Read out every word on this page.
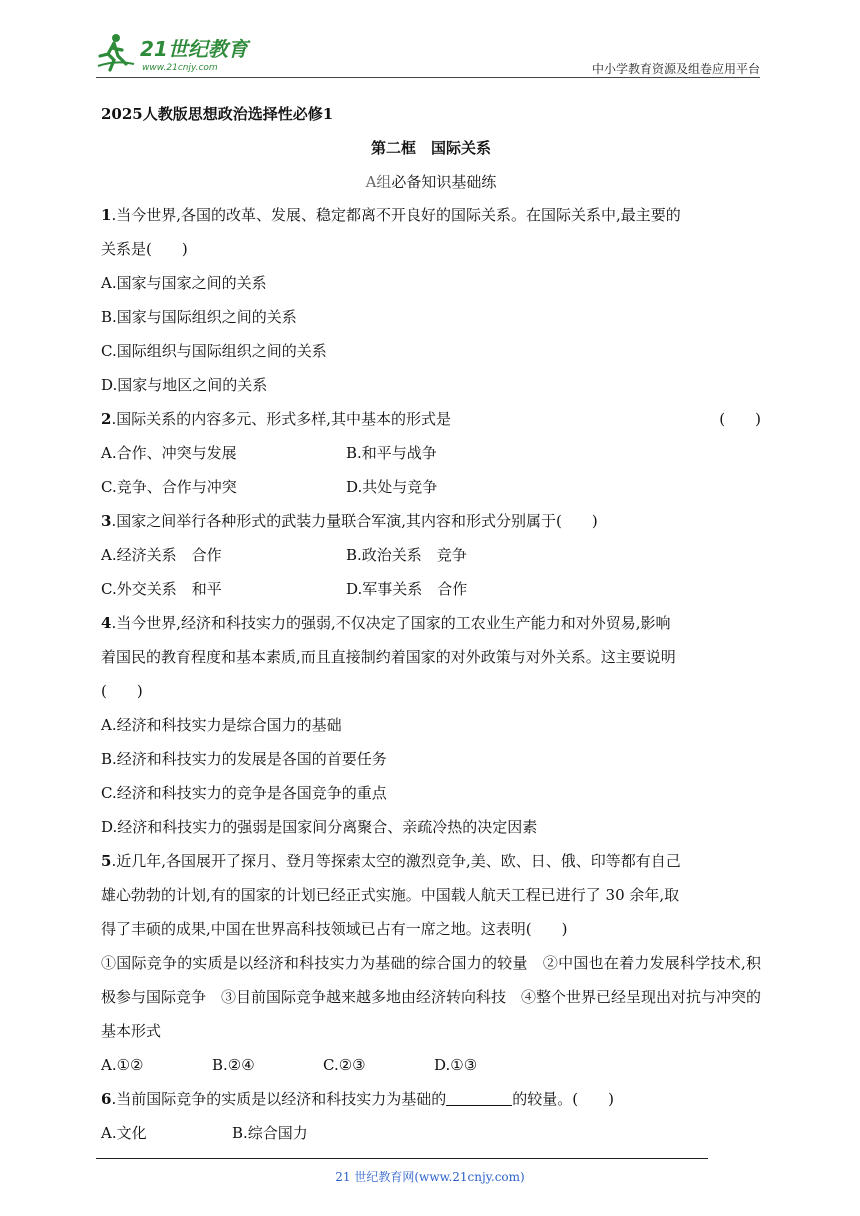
21世纪教育
www.21cnjy.com	中小学教育资源及组卷应用平台
2025人教版思想政治选择性必修1
第二框　国际关系
A组必备知识基础练
1.当今世界,各国的改革、发展、稳定都离不开良好的国际关系。在国际关系中,最主要的
关系是(　　)
A.国家与国家之间的关系
B.国家与国际组织之间的关系
C.国际组织与国际组织之间的关系
D.国家与地区之间的关系
2.国际关系的内容多元、形式多样,其中基本的形式是	(　　)
A.合作、冲突与发展	B.和平与战争
C.竞争、合作与冲突	D.共处与竞争
3.国家之间举行各种形式的武装力量联合军演,其内容和形式分别属于(　　)
A.经济关系　合作	B.政治关系　竞争
C.外交关系　和平	D.军事关系　合作
4.当今世界,经济和科技实力的强弱,不仅决定了国家的工农业生产能力和对外贸易,影响
着国民的教育程度和基本素质,而且直接制约着国家的对外政策与对外关系。这主要说明
(　　)
A.经济和科技实力是综合国力的基础
B.经济和科技实力的发展是各国的首要任务
C.经济和科技实力的竞争是各国竞争的重点
D.经济和科技实力的强弱是国家间分离聚合、亲疏冷热的决定因素
5.近几年,各国展开了探月、登月等探索太空的激烈竞争,美、欧、日、俄、印等都有自己
雄心勃勃的计划,有的国家的计划已经正式实施。中国载人航天工程已进行了 30 余年,取
得了丰硕的成果,中国在世界高科技领域已占有一席之地。这表明(　　)
①国际竞争的实质是以经济和科技实力为基础的综合国力的较量　②中国也在着力发展科学技术,积极参与国际竞争　③目前国际竞争越来越多地由经济转向科技　④整个世界已经呈现出对抗与冲突的基本形式
A.①②	B.②④	C.②③	D.①③
6.当前国际竞争的实质是以经济和科技实力为基础的	的较量。(　　)
A.文化	B.综合国力
21 世纪教育网(www.21cnjy.com)
